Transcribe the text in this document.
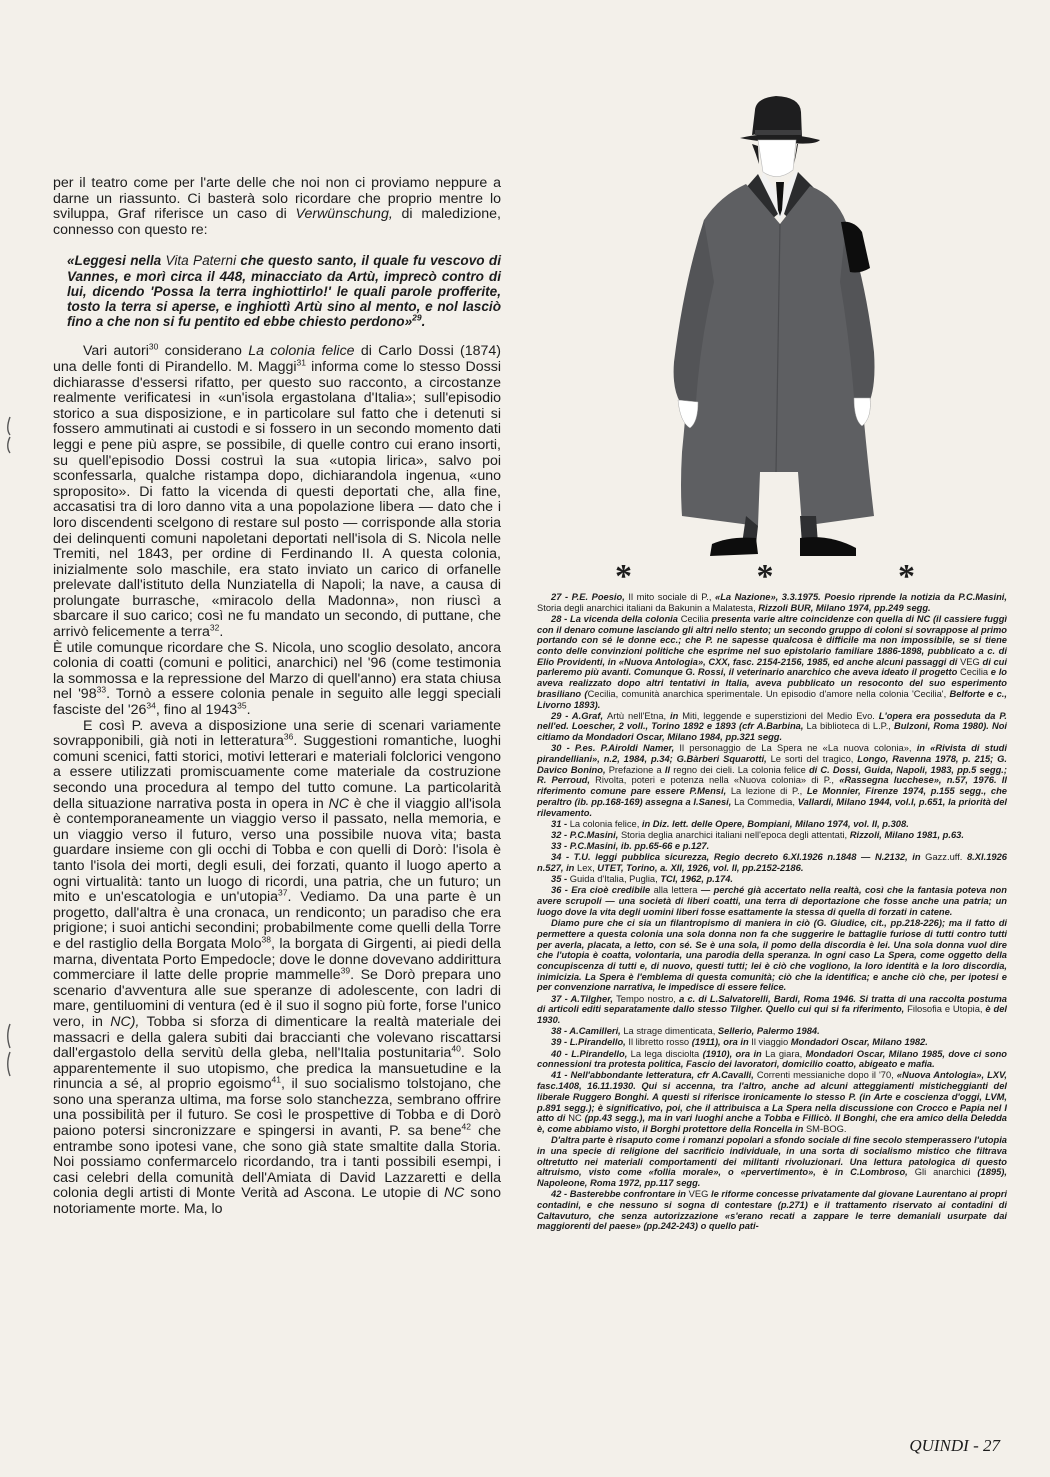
per il teatro come per l'arte delle che noi non ci proviamo neppure a darne un riassunto. Ci basterà solo ricordare che proprio mentre lo sviluppa, Graf riferisce un caso di Verwünschung, di maledizione, connesso con questo re:

«Leggesi nella Vita Paterni che questo santo, il quale fu vescovo di Vannes, e morì circa il 448, minacciato da Artù, imprecò contro di lui, dicendo 'Possa la terra inghiottirlo!' le quali parole profferite, tosto la terra si aperse, e inghiottì Artù sino al mento, e nol lasciò fino a che non si fu pentito ed ebbe chiesto perdono»$^{29}$.

Vari autori$^{30}$ considerano La colonia felice di Carlo Dossi (1874) una delle fonti di Pirandello. M. Maggi$^{31}$ informa come lo stesso Dossi dichiarasse d'essersi rifatto, per questo suo racconto, a circostanze realmente verificatesi in «un'isola ergastolana d'Italia»; sull'episodio storico a sua disposizione, e in particolare sul fatto che i detenuti si fossero ammutinati ai custodi e si fossero in un secondo momento dati leggi e pene più aspre, se possibile, di quelle contro cui erano insorti, su quell'episodio Dossi costruì la sua «utopia lirica», salvo poi sconfessarla, qualche ristampa dopo, dichiarandola ingenua, «uno sproposito». Di fatto la vicenda di questi deportati che, alla fine, accasatisi tra di loro danno vita a una popolazione libera — dato che i loro discendenti scelgono di restare sul posto — corrisponde alla storia dei delinquenti comuni napoletani deportati nell'isola di S. Nicola nelle Tremiti, nel 1843, per ordine di Ferdinando II. A questa colonia, inizialmente solo maschile, era stato inviato un carico di orfanelle prelevate dall'istituto della Nunziatella di Napoli; la nave, a causa di prolungate burrasche, «miracolo della Madonna», non riuscì a sbarcare il suo carico; così ne fu mandato un secondo, di puttane, che arrivò felicemente a terra$^{32}$.

È utile comunque ricordare che S. Nicola, uno scoglio desolato, ancora colonia di coatti (comuni e politici, anarchici) nel '96 (come testimonia la sommossa e la repressione del Marzo di quell'anno) era stata chiusa nel '$98^{33}$. Tornò a essere colonia penale in seguito alle leggi speciali fasciste del '$26^{34}$, fino al 1943$^{35}$.

E così P. aveva a disposizione una serie di scenari variamente sovrapponibili, già noti in letteratura$^{36}$. Suggestioni romantiche, luoghi comuni scenici, fatti storici, motivi letterari e materiali folclorici vengono a essere utilizzati promiscuamente come materiale da costruzione secondo una procedura al tempo del tutto comune. La particolarità della situazione narrativa posta in opera in NC è che il viaggio all'isola è contemporaneamente un viaggio verso il passato, nella memoria, e un viaggio verso il futuro, verso una possibile nuova vita; basta guardare insieme con gli occhi di Tobba e con quelli di Dorò: l'isola è tanto l'isola dei morti, degli esuli, dei forzati, quanto il luogo aperto a ogni virtualità: tanto un luogo di ricordi, una patria, che un futuro; un mito e un'escatologia e un'utopia$^{37}$. Vediamo. Da una parte è un progetto, dall'altra è una cronaca, un rendiconto; un paradiso che era prigione; i suoi antichi secondini; probabilmente come quelli della Torre e del rastiglio della Borgata Molo$^{38}$, la borgata di Girgenti, ai piedi della marna, diventata Porto Empedocle; dove le donne dovevano addirittura commerciare il latte delle proprie mammelle$^{39}$. Se Dorò prepara uno scenario d'avventura alle sue speranze di adolescente, con ladri di mare, gentiluomini di ventura (ed è il suo il sogno più forte, forse l'unico vero, in NC), Tobba si sforza di dimenticare la realtà materiale dei massacri e della galera subiti dai braccianti che volevano riscattarsi dall'ergastolo della servitù della gleba, nell'Italia postunitaria$^{40}$. Solo apparentemente il suo utopismo, che predica la mansuetudine e la rinuncia a sé, al proprio egoismo$^{41}$, il suo socialismo tolstojano, che sono una speranza ultima, ma forse solo stanchezza, sembrano offrire una possibilità per il futuro. Se così le prospettive di Tobba e di Dorò paiono potersi sincronizzare e spingersi in avanti, P. sa bene$^{42}$ che entrambe sono ipotesi vane, che sono già state smaltite dalla Storia. Noi possiamo confermarcelo ricordando, tra i tanti possibili esempi, i casi celebri della comunità dell'Amiata di David Lazzaretti e della colonia degli artisti di Monte Verità ad Ascona. Le utopie di NC sono notoriamente morte. Ma, lo

*	*	*

27 - P.E. Poesio, Il mito sociale di P., «La Nazione», 3.3.1975. Poesio riprende la notizia da P.C.Masini, Storia degli anarchici italiani da Bakunin a Malatesta, Rizzoli BUR, Milano 1974, pp.249 segg.

28 - La vicenda della colonia Cecilia presenta varie altre coincidenze con quella di NC (il cassiere fuggì con il denaro comune lasciando gli altri nello stento; un secondo gruppo di coloni si sovrappose al primo portando con sé le donne ecc.; che P. ne sapesse qualcosa è difficile ma non impossibile, se si tiene conto delle convinzioni politiche che esprime nel suo epistolario familiare 1886-1898, pubblicato a c. di Elio Providenti, in «Nuova Antologia», CXX, fasc. 2154-2156, 1985, ed anche alcuni passaggi di VEG di cui parleremo più avanti. Comunque G. Rossi, il veterinario anarchico che aveva ideato il progetto Cecilia e lo aveva realizzato dopo altri tentativi in Italia, aveva pubblicato un resoconto del suo esperimento brasiliano (Cecilia, comunità anarchica sperimentale. Un episodio d'amore nella colonia 'Cecilia', Belforte e c., Livorno 1893).

29 - A.Graf, Artù nell'Etna, in Miti, leggende e superstizioni del Medio Evo. L'opera era posseduta da P. nell'ed. Loescher, 2 voll., Torino 1892 e 1893 (cfr A.Barbina, La biblioteca di L.P., Bulzoni, Roma 1980). Noi citiamo da Mondadori Oscar, Milano 1984, pp.321 segg.

30 - P.es. P.Airoldi Namer, Il personaggio de La Spera ne «La nuova colonia», in «Rivista di studi pirandelliani», n.2, 1984, p.34; G.Bàrberi Squarotti, Le sorti del tragico, Longo, Ravenna 1978, p. 215; G. Davico Bonino, Prefazione a Il regno dei cieli. La colonia felice di C. Dossi, Guida, Napoli, 1983, pp.5 segg.; R. Perroud, Rivolta, poteri e potenza nella «Nuova colonia» di P., «Rassegna lucchese», n.57, 1976. Il riferimento comune pare essere P.Mensi, La lezione di P., Le Monnier, Firenze 1974, p.155 segg., che peraltro (ib. pp.168-169) assegna a I.Sanesi, La Commedia, Vallardi, Milano 1944, vol.I, p.651, la priorità del rilevamento.

31 - La colonia felice, in Diz. lett. delle Opere, Bompiani, Milano 1974, vol. II, p.308.

32 - P.C.Masini, Storia deglia anarchici italiani nell'epoca degli attentati, Rizzoli, Milano 1981, p.63.

33 - P.C.Masini, ib. pp.65-66 e p.127.

34 - T.U. leggi pubblica sicurezza, Regio decreto 6.XI.1926 n.1848 — N.2132, in Gazz.uff. 8.XI.1926 n.527, in Lex, UTET, Torino, a. XII, 1926, vol. II, pp.2152-2186.

35 - Guida d'Italia, Puglia, TCI, 1962, p.174.

36 - Era cioè credibile alla lettera — perché già accertato nella realtà, così che la fantasia poteva non avere scrupoli — una società di liberi coatti, una terra di deportazione che fosse anche una patria; un luogo dove la vita degli uomini liberi fosse esattamente la stessa di quella di forzati in catene.

Diamo pure che ci sia un filantropismo di maniera in ciò (G. Giudice, cit., pp.218-226); ma il fatto di permettere a questa colonia una sola donna non fa che suggerire le battaglie furiose di tutti contro tutti per averla, placata, a letto, con sé. Se è una sola, il pomo della discordia è lei. Una sola donna vuol dire che l'utopia è coatta, volontaria, una parodia della speranza. In ogni caso La Spera, come oggetto della concupiscenza di tutti e, di nuovo, questi tutti; lei è ciò che vogliono, la loro identità e la loro discordia, inimicizia. La Spera è l'emblema di questa comunità; ciò che la identifica; e anche ciò che, per ipotesi e per convenzione narrativa, le impedisce di essere felice.

37 - A.Tilgher, Tempo nostro, a c. di L.Salvatorelli, Bardi, Roma 1946. Si tratta di una raccolta postuma di articoli editi separatamente dallo stesso Tilgher. Quello cui qui si fa riferimento, Filosofia e Utopia, è del 1930.

38 - A.Camilleri, La strage dimenticata, Sellerio, Palermo 1984.

39 - L.Pirandello, Il libretto rosso (1911), ora in Il viaggio Mondadori Oscar, Milano 1982.

40 - L.Pirandello, La lega disciolta (1910), ora in La giara, Mondadori Oscar, Milano 1985, dove ci sono connessioni tra protesta politica, Fascio dei lavoratori, domicilio coatto, abigeato e mafia.

41 - Nell'abbondante letteratura, cfr A.Cavalli, Correnti messianiche dopo il '70, «Nuova Antologia», LXV, fasc.1408, 16.11.1930. Qui si accenna, tra l'altro, anche ad alcuni atteggiamenti misticheggianti del liberale Ruggero Bonghi. A questi si riferisce ironicamente lo stesso P. (in Arte e coscienza d'oggi, LVM, p.891 segg.); è significativo, poi, che il attribuisca a La Spera nella discussione con Crocco e Papia nel I atto di NC (pp.43 segg.), ma in vari luoghi anche a Tobba e Fillicò. Il Bonghi, che era amico della Deledda è, come abbiamo visto, il Borghi protettore della Roncella in SM-BOG.

D'altra parte è risaputo come i romanzi popolari a sfondo sociale di fine secolo stemperassero l'utopia in una specie di religione del sacrificio individuale, in una sorta di socialismo mistico che filtrava oltretutto nei materiali comportamenti dei militanti rivoluzionari. Una lettura patologica di questo altruismo, visto come «follia morale», o «pervertimento», è in C.Lombroso, Gli anarchici (1895), Napoleone, Roma 1972, pp.117 segg.

42 - Basterebbe confrontare in VEG le riforme concesse privatamente dal giovane Laurentano ai propri contadini, e che nessuno si sogna di contestare (p.271) e il trattamento riservato ai contadini di Caltavuturo, che senza autorizzazione «s'erano recati a zappare le terre demaniali usurpate dai maggiorenti del paese» (pp.242-243) o quello pati-

QUINDI - 27
